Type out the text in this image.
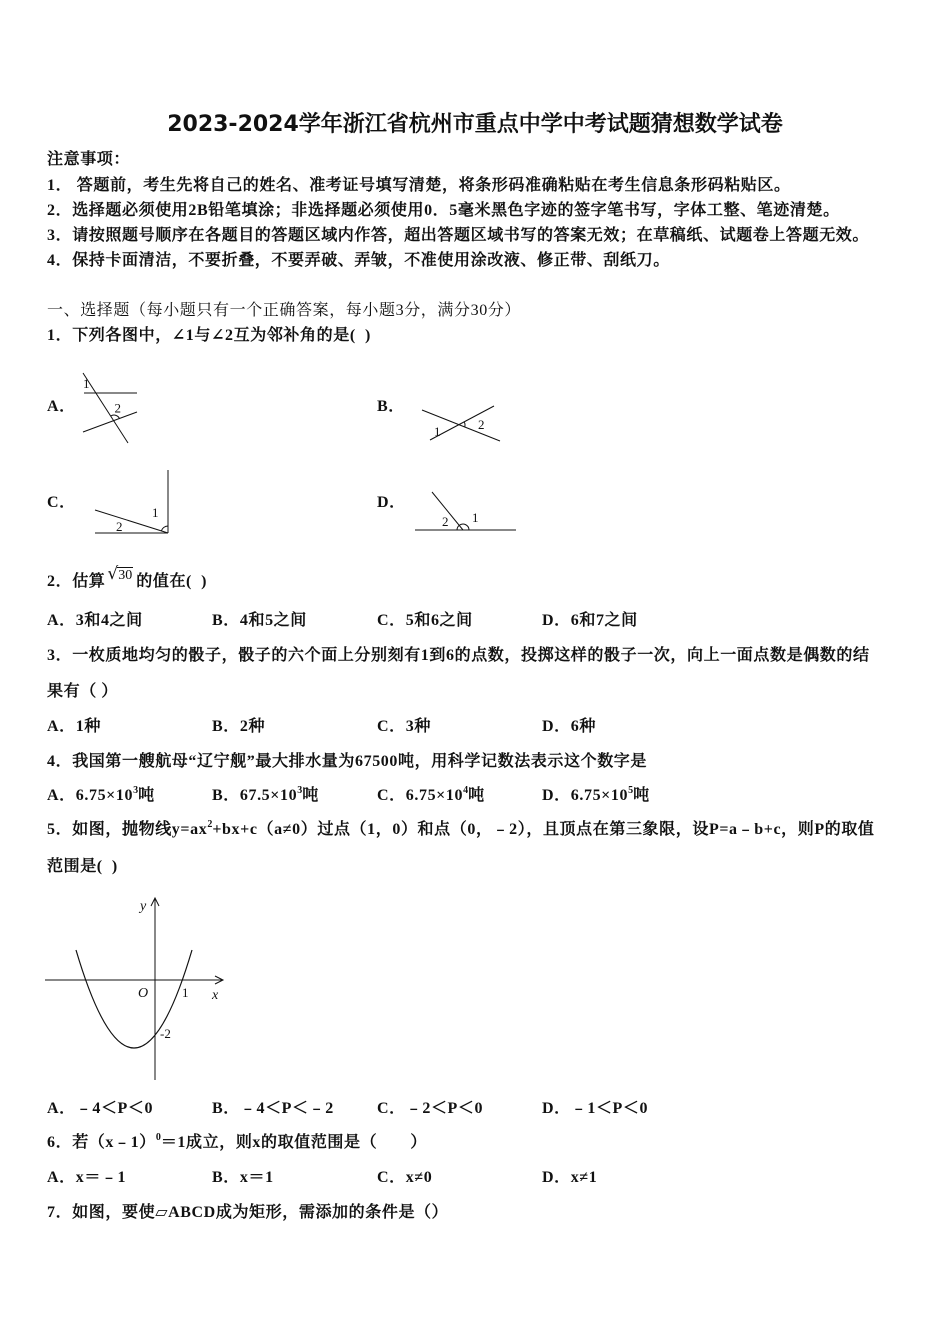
2023-2024学年浙江省杭州市重点中学中考试题猜想数学试卷
注意事项：
1． 答题前，考生先将自己的姓名、准考证号填写清楚，将条形码准确粘贴在考生信息条形码粘贴区。
2．选择题必须使用2B铅笔填涂；非选择题必须使用0．5毫米黑色字迹的签字笔书写，字体工整、笔迹清楚。
3．请按照题号顺序在各题目的答题区域内作答，超出答题区域书写的答案无效；在草稿纸、试题卷上答题无效。
4．保持卡面清洁，不要折叠，不要弄破、弄皱，不准使用涂改液、修正带、刮纸刀。
一、选择题（每小题只有一个正确答案，每小题3分，满分30分）
1．下列各图中，∠1与∠2互为邻补角的是(  )
A．
1
2	B．
1	2
C．
2
1
D．
2 1
2．估算 √30 的值在(  )
A．3和4之间	B．4和5之间	C．5和6之间	D．6和7之间
3．一枚质地均匀的骰子，骰子的六个面上分别刻有1到6的点数，投掷这样的骰子一次，向上一面点数是偶数的结
果有（ ）
A．1种	B．2种	C．3种	D．6种
4．我国第一艘航母“辽宁舰”最大排水量为67500吨，用科学记数法表示这个数字是
A．$6.75\times 10^3$吨	B．$67.5\times 10^3$吨	C．$6.75\times 10^4$吨	D．$6.75\times 10^5$吨
5．如图，抛物线$y=ax^2+bx+c(a\ne 0)$过点（1，0）和点（0，﹣2），且顶点在第三象限，设P=a﹣b+c，则P的取值
范围是(  )
y
O	1 x
-2
A．﹣4＜P＜0	B．﹣4＜P＜﹣2	C．﹣2＜P＜0	D．﹣1＜P＜0
6．若（x﹣1）$^0$＝1成立，则x的取值范围是（　　）
A．x＝﹣1	B．x＝1	C．x≠0	D．x≠1
7．如图，要使▱ABCD成为矩形，需添加的条件是（）
